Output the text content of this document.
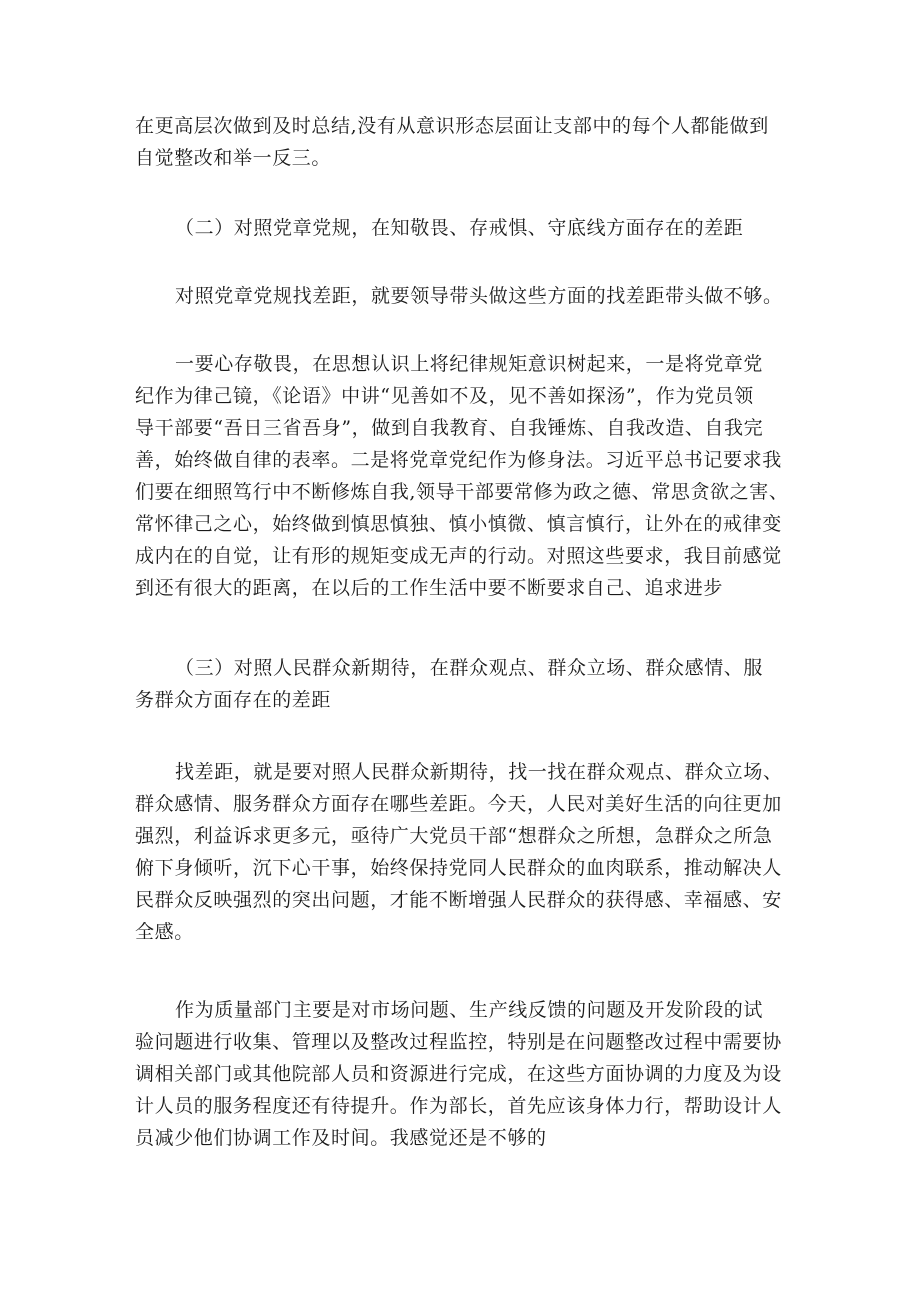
在更高层次做到及时总结,没有从意识形态层面让支部中的每个人都能做到
自觉整改和举一反三。

（二）对照党章党规，在知敬畏、存戒惧、守底线方面存在的差距

对照党章党规找差距，就要领导带头做这些方面的找差距带头做不够。

一要心存敬畏，在思想认识上将纪律规矩意识树起来，一是将党章党
纪作为律己镜，《论语》中讲“见善如不及，见不善如探汤”，作为党员领
导干部要“吾日三省吾身”，做到自我教育、自我锤炼、自我改造、自我完
善，始终做自律的表率。二是将党章党纪作为修身法。习近平总书记要求我
们要在细照笃行中不断修炼自我,领导干部要常修为政之德、常思贪欲之害、
常怀律己之心，始终做到慎思慎独、慎小慎微、慎言慎行，让外在的戒律变
成内在的自觉，让有形的规矩变成无声的行动。对照这些要求，我目前感觉
到还有很大的距离，在以后的工作生活中要不断要求自己、追求进步

（三）对照人民群众新期待，在群众观点、群众立场、群众感情、服
务群众方面存在的差距

找差距，就是要对照人民群众新期待，找一找在群众观点、群众立场、
群众感情、服务群众方面存在哪些差距。今天，人民对美好生活的向往更加
强烈，利益诉求更多元，亟待广大党员干部“想群众之所想，急群众之所急
俯下身倾听，沉下心干事，始终保持党同人民群众的血肉联系，推动解决人
民群众反映强烈的突出问题，才能不断增强人民群众的获得感、幸福感、安
全感。

作为质量部门主要是对市场问题、生产线反馈的问题及开发阶段的试
验问题进行收集、管理以及整改过程监控，特别是在问题整改过程中需要协
调相关部门或其他院部人员和资源进行完成，在这些方面协调的力度及为设
计人员的服务程度还有待提升。作为部长，首先应该身体力行，帮助设计人
员减少他们协调工作及时间。我感觉还是不够的
